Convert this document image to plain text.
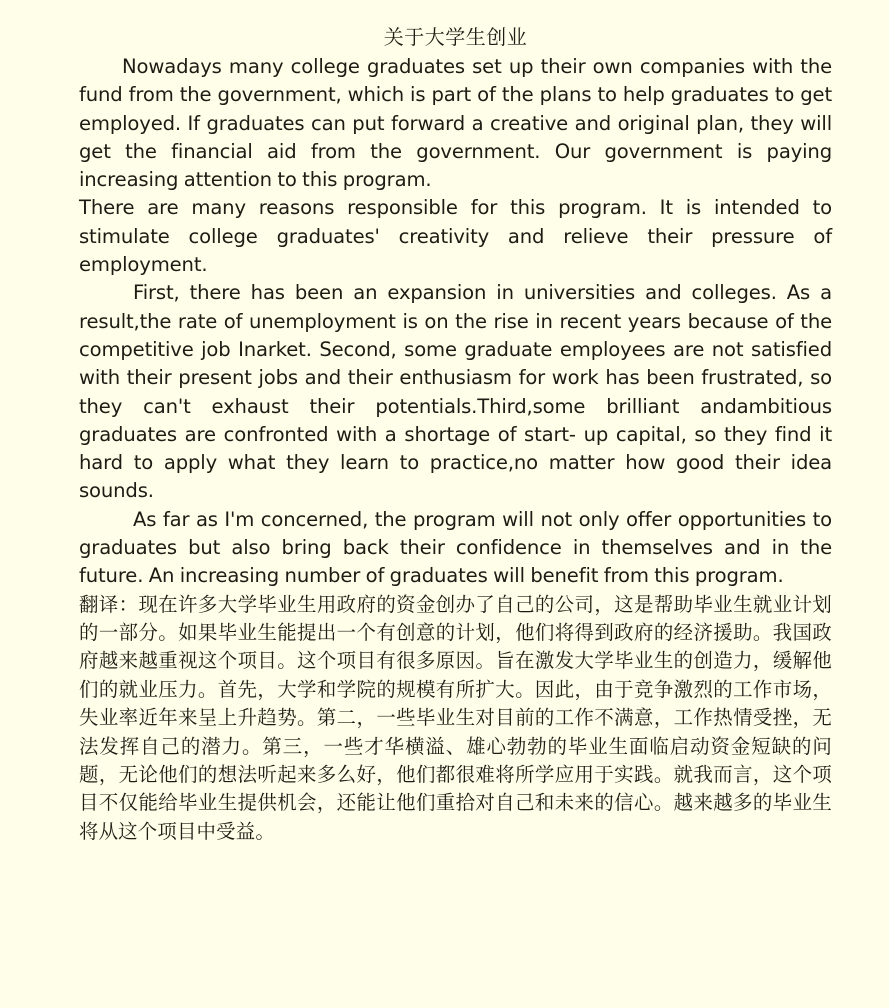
关于大学生创业

Nowadays many college graduates set up their own companies with the fund from the government, which is part of the plans to help graduates to get employed. If graduates can put forward a creative and original plan, they will get the financial aid from the government. Our government is paying increasing attention to this program.

There are many reasons responsible for this program. It is intended to stimulate college graduates' creativity and relieve their pressure of employment.

First, there has been an expansion in universities and colleges. As a result,the rate of unemployment is on the rise in recent years because of the competitive job Inarket. Second, some graduate employees are not satisfied with their present jobs and their enthusiasm for work has been frustrated, so they can't exhaust their potentials.Third,some brilliant andambitious graduates are confronted with a shortage of start- up capital, so they find it hard to apply what they learn to practice,no matter how good their idea sounds.

As far as I'm concerned, the program will not only offer opportunities to graduates but also bring back their confidence in themselves and in the future. An increasing number of graduates will benefit from this program.

翻译：现在许多大学毕业生用政府的资金创办了自己的公司，这是帮助毕业生就业计划的一部分。如果毕业生能提出一个有创意的计划，他们将得到政府的经济援助。我国政府越来越重视这个项目。这个项目有很多原因。旨在激发大学毕业生的创造力，缓解他们的就业压力。首先，大学和学院的规模有所扩大。因此，由于竞争激烈的工作市场，失业率近年来呈上升趋势。第二，一些毕业生对目前的工作不满意，工作热情受挫，无法发挥自己的潜力。第三，一些才华横溢、雄心勃勃的毕业生面临启动资金短缺的问题，无论他们的想法听起来多么好，他们都很难将所学应用于实践。就我而言，这个项目不仅能给毕业生提供机会，还能让他们重拾对自己和未来的信心。越来越多的毕业生将从这个项目中受益。
